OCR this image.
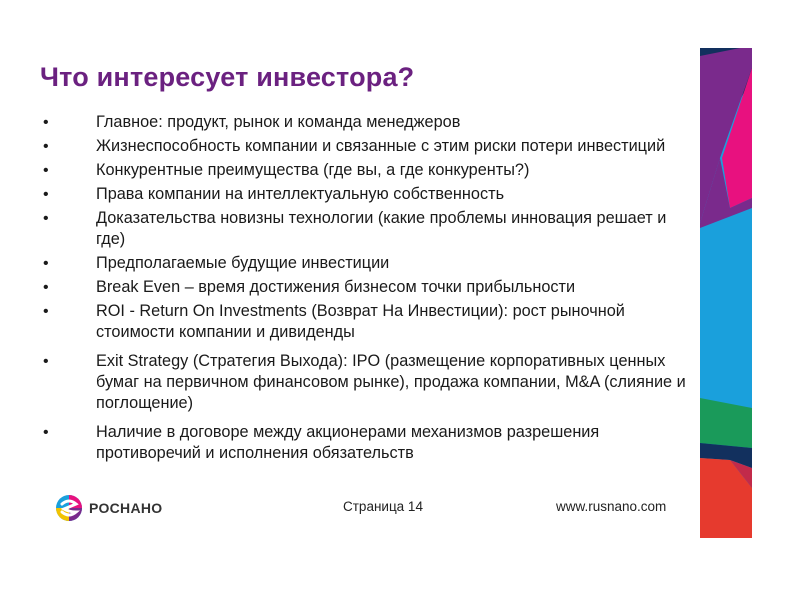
Что интересует инвестора?
•	Главное: продукт, рынок и команда менеджеров
•	Жизнеспособность компании и связанные с этим риски потери инвестиций
•	Конкурентные преимущества (где вы, а где конкуренты?)
•	Права компании на интеллектуальную собственность
•	Доказательства новизны технологии (какие проблемы инновация решает и где)
•	Предполагаемые будущие инвестиции
•	Break Even – время достижения бизнесом точки прибыльности
•	ROI - Return On Investments (Возврат На Инвестиции): рост рыночной стоимости компании и дивиденды
•	Exit Strategy (Стратегия Выхода): IPO (размещение корпоративных ценных бумаг на первичном финансовом рынке), продажа компании, M&A (слияние и поглощение)
•	Наличие в договоре между акционерами механизмов разрешения противоречий и исполнения обязательств
РОСНАНО	Страница 14	www.rusnano.com
